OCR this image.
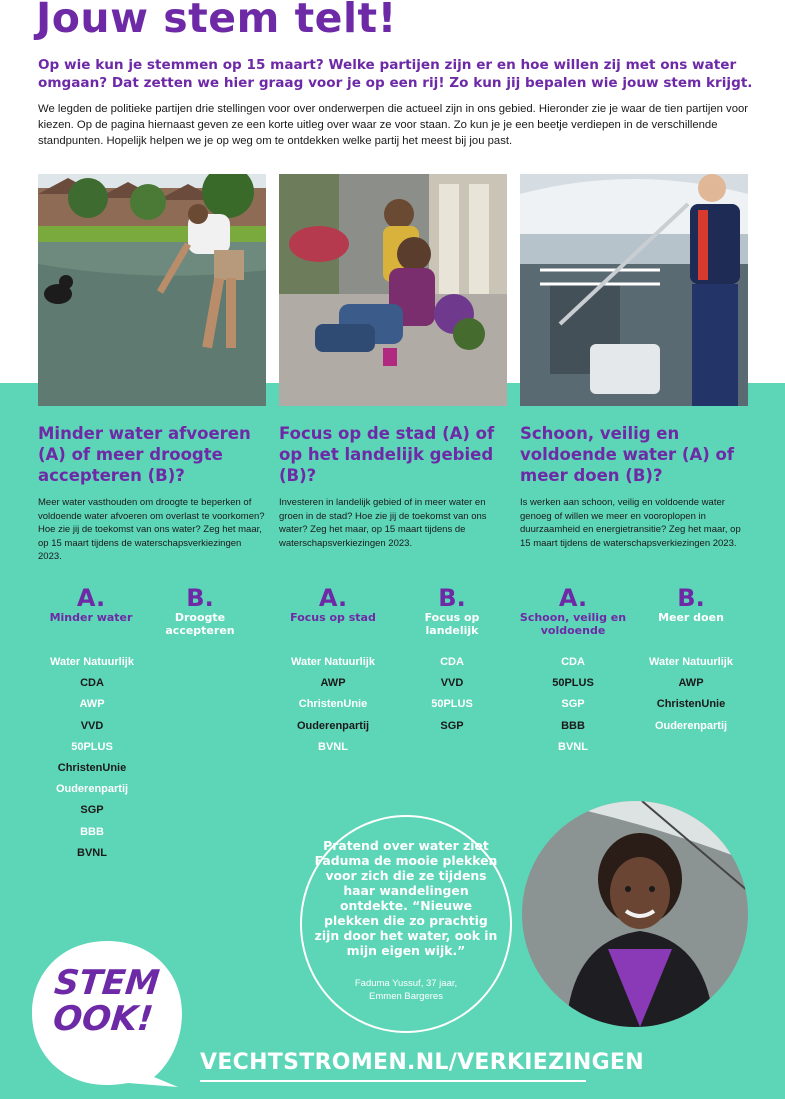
Jouw stem telt!

Op wie kun je stemmen op 15 maart? Welke partijen zijn er en hoe willen zij met ons water omgaan? Dat zetten we hier graag voor je op een rij! Zo kun jij bepalen wie jouw stem krijgt.

We legden de politieke partijen drie stellingen voor over onderwerpen die actueel zijn in ons gebied. Hieronder zie je waar de tien partijen voor kiezen. Op de pagina hiernaast geven ze een korte uitleg over waar ze voor staan. Zo kun je je een beetje verdiepen in de verschillende standpunten. Hopelijk helpen we je op weg om te ontdekken welke partij het meest bij jou past.

Minder water afvoeren (A) of meer droogte accepteren (B)?

Meer water vasthouden om droogte te beperken of voldoende water afvoeren om overlast te voorkomen? Hoe zie jij de toekomst van ons water? Zeg het maar, op 15 maart tijdens de waterschapsverkiezingen 2023.

Focus op de stad (A) of op het landelijk gebied (B)?

Investeren in landelijk gebied of in meer water en groen in de stad? Hoe zie jij de toekomst van ons water? Zeg het maar, op 15 maart tijdens de waterschapsverkiezingen 2023.

Schoon, veilig en voldoende water (A) of meer doen (B)?

Is werken aan schoon, veilig en voldoende water genoeg of willen we meer en vooroplopen in duurzaamheid en energietransitie? Zeg het maar, op 15 maart tijdens de waterschapsverkiezingen 2023.

A.
Minder water
B.
Droogte accepteren
A.
Focus op stad
B.
Focus op landelijk
A.
Schoon, veilig en voldoende
B.
Meer doen
Water Natuurlijk
CDA
AWP
VVD
50PLUS
ChristenUnie
Ouderenpartij
SGP
BBB
BVNL
Water Natuurlijk
AWP
ChristenUnie
Ouderenpartij
BVNL
CDA
VVD
50PLUS
SGP
CDA
50PLUS
SGP
BBB
BVNL
Water Natuurlijk
AWP
ChristenUnie
Ouderenpartij

Pratend over water ziet Faduma de mooie plekken voor zich die ze tijdens haar wandelingen ontdekte. “Nieuwe plekken die zo prachtig zijn door het water, ook in mijn eigen wijk.”

Faduma Yussuf, 37 jaar,
Emmen Bargeres
STEM
OOK!
VECHTSTROMEN.NL/VERKIEZINGEN
